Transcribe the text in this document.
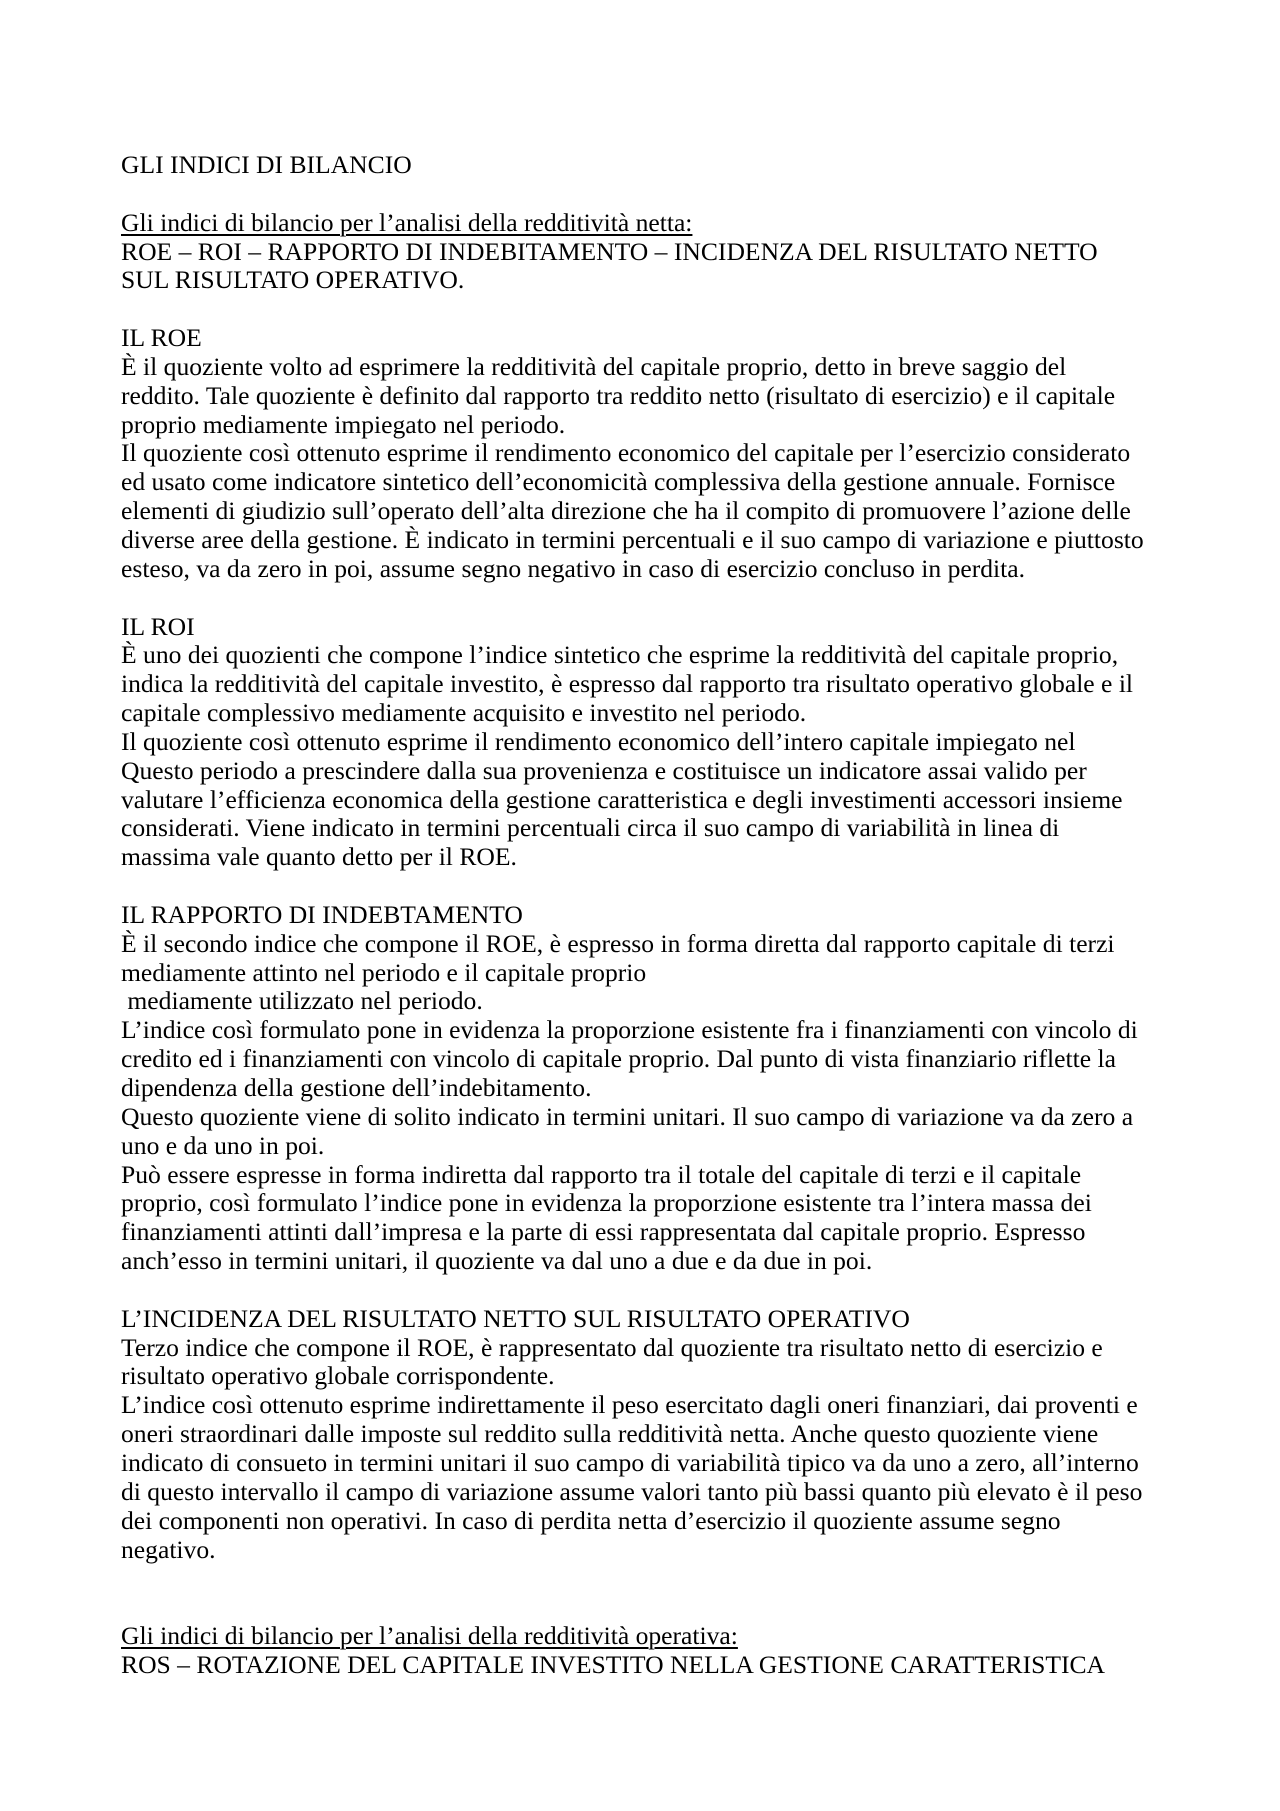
GLI INDICI DI BILANCIO
Gli indici di bilancio per l’analisi della redditività netta:
ROE – ROI – RAPPORTO DI INDEBITAMENTO – INCIDENZA DEL RISULTATO NETTO
SUL RISULTATO OPERATIVO.
IL ROE
È il quoziente volto ad esprimere la redditività del capitale proprio, detto in breve saggio del
reddito. Tale quoziente è definito dal rapporto tra reddito netto (risultato di esercizio) e il capitale
proprio mediamente impiegato nel periodo.
Il quoziente così ottenuto esprime il rendimento economico del capitale per l’esercizio considerato
ed usato come indicatore sintetico dell’economicità complessiva della gestione annuale. Fornisce
elementi di giudizio sull’operato dell’alta direzione che ha il compito di promuovere l’azione delle
diverse aree della gestione. È indicato in termini percentuali e il suo campo di variazione e piuttosto
esteso, va da zero in poi, assume segno negativo in caso di esercizio concluso in perdita.
IL ROI
È uno dei quozienti che compone l’indice sintetico che esprime la redditività del capitale proprio,
indica la redditività del capitale investito, è espresso dal rapporto tra risultato operativo globale e il
capitale complessivo mediamente acquisito e investito nel periodo.
Il quoziente così ottenuto esprime il rendimento economico dell’intero capitale impiegato nel
Questo periodo a prescindere dalla sua provenienza e costituisce un indicatore assai valido per
valutare l’efficienza economica della gestione caratteristica e degli investimenti accessori insieme
considerati. Viene indicato in termini percentuali circa il suo campo di variabilità in linea di
massima vale quanto detto per il ROE.
IL RAPPORTO DI INDEBTAMENTO
È il secondo indice che compone il ROE, è espresso in forma diretta dal rapporto capitale di terzi
mediamente attinto nel periodo e il capitale proprio
mediamente utilizzato nel periodo.
L’indice così formulato pone in evidenza la proporzione esistente fra i finanziamenti con vincolo di
credito ed i finanziamenti con vincolo di capitale proprio. Dal punto di vista finanziario riflette la
dipendenza della gestione dell’indebitamento.
Questo quoziente viene di solito indicato in termini unitari. Il suo campo di variazione va da zero a
uno e da uno in poi.
Può essere espresse in forma indiretta dal rapporto tra il totale del capitale di terzi e il capitale
proprio, così formulato l’indice pone in evidenza la proporzione esistente tra l’intera massa dei
finanziamenti attinti dall’impresa e la parte di essi rappresentata dal capitale proprio. Espresso
anch’esso in termini unitari, il quoziente va dal uno a due e da due in poi.
L’INCIDENZA DEL RISULTATO NETTO SUL RISULTATO OPERATIVO
Terzo indice che compone il ROE, è rappresentato dal quoziente tra risultato netto di esercizio e
risultato operativo globale corrispondente.
L’indice così ottenuto esprime indirettamente il peso esercitato dagli oneri finanziari, dai proventi e
oneri straordinari dalle imposte sul reddito sulla redditività netta. Anche questo quoziente viene
indicato di consueto in termini unitari il suo campo di variabilità tipico va da uno a zero, all’interno
di questo intervallo il campo di variazione assume valori tanto più bassi quanto più elevato è il peso
dei componenti non operativi. In caso di perdita netta d’esercizio il quoziente assume segno
negativo.
Gli indici di bilancio per l’analisi della redditività operativa:
ROS – ROTAZIONE DEL CAPITALE INVESTITO NELLA GESTIONE CARATTERISTICA
